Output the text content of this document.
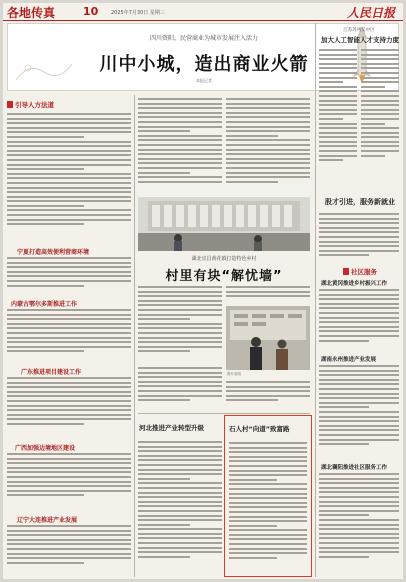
各地传真	10	2025年7月30日 星期三	人民日报
四川资阳，民营商业为城市发展注入活力
川中小城，造出商业火箭
本报记者
引导人方法道
宁夏打造高效便利营商环境
内蒙古鄂尔多斯推进工作
广东推进项目建设工作
广西加强边境地区建设
辽宁大连推进产业发展
湖北宜昌黄花镇打造特色乡村
村里有块“解忧墙”
图片说明
河北推进产业转型升级	石人村“向道”致富路
江苏苏州吴中区
加大人工智能人才支持力度
股才引进，服务新就业
社区服务
湖北黄冈推进乡村振兴工作
湖南永州推进产业发展
湖北襄阳推进社区服务工作
